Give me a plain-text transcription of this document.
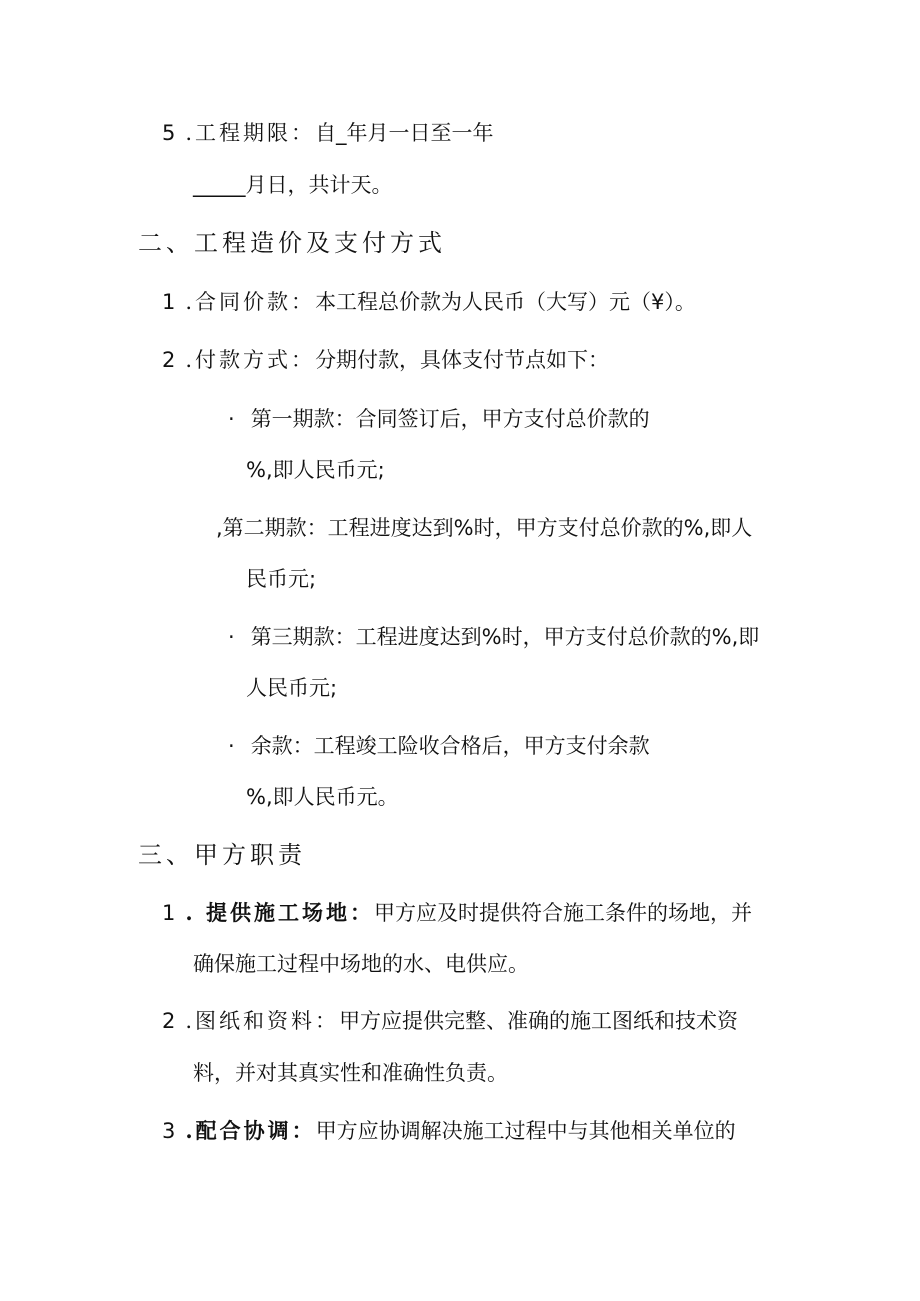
5 .工程期限：自_年月一日至一年
_____月日，共计天。
二、工程造价及支付方式
1 .合同价款：本工程总价款为人民币（大写）元（¥）。
2 .付款方式：分期付款，具体支付节点如下：
· 第一期款：合同签订后，甲方支付总价款的
%,即人民币元;
,第二期款：工程进度达到%时，甲方支付总价款的%,即人
民币元;
· 第三期款：工程进度达到%时，甲方支付总价款的%,即
人民币元;
· 余款：工程竣工险收合格后，甲方支付余款
%,即人民币元。
三、甲方职责
1 . 提供施工场地：甲方应及时提供符合施工条件的场地，并
确保施工过程中场地的水、电供应。
2 .图纸和资料：甲方应提供完整、准确的施工图纸和技术资
料，并对其真实性和准确性负责。
3 .配合协调：甲方应协调解决施工过程中与其他相关单位的
